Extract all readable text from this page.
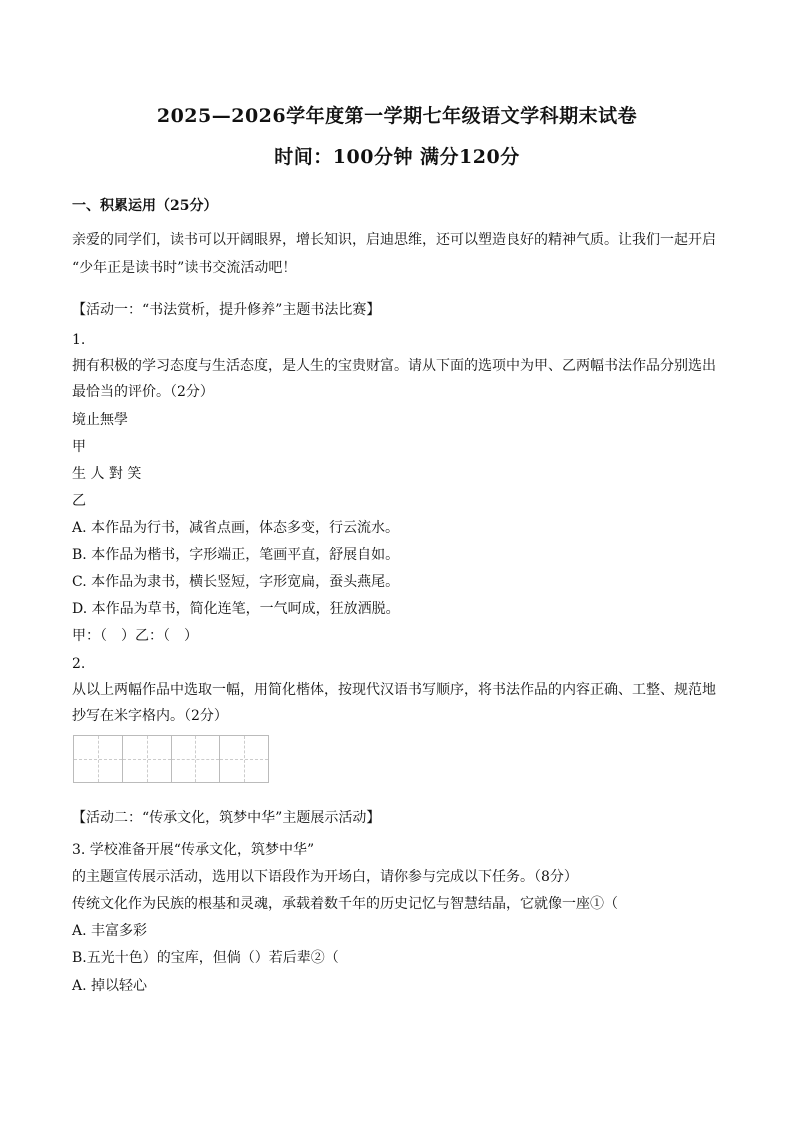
2025—2026学年度第一学期七年级语文学科期末试卷
时间：100分钟 满分120分
一、积累运用（25分）
亲爱的同学们，读书可以开阔眼界，增长知识，启迪思维，还可以塑造良好的精神气质。让我们一起开启
“少年正是读书时”读书交流活动吧！
【活动一：“书法赏析，提升修养”主题书法比赛】
1.
拥有积极的学习态度与生活态度，是人生的宝贵财富。请从下面的选项中为甲、乙两幅书法作品分别选出
最恰当的评价。（2分）
境止無學
甲
生 人 對 笑
乙
A. 本作品为行书，减省点画，体态多变，行云流水。
B. 本作品为楷书，字形端正，笔画平直，舒展自如。
C. 本作品为隶书，横长竖短，字形宽扁，蚕头燕尾。
D. 本作品为草书，简化连笔，一气呵成，狂放洒脱。
甲：（　）乙：（　）
2.
从以上两幅作品中选取一幅，用简化楷体，按现代汉语书写顺序，将书法作品的内容正确、工整、规范地
抄写在米字格内。（2分）
【活动二：“传承文化，筑梦中华”主题展示活动】
3. 学校准备开展“传承文化，筑梦中华”
的主题宣传展示活动，选用以下语段作为开场白，请你参与完成以下任务。（8分）
传统文化作为民族的根基和灵魂，承载着数千年的历史记忆与智慧结晶，它就像一座①（
A. 丰富多彩
B.五光十色）的宝库，但倘（）若后辈②（
A. 掉以轻心
